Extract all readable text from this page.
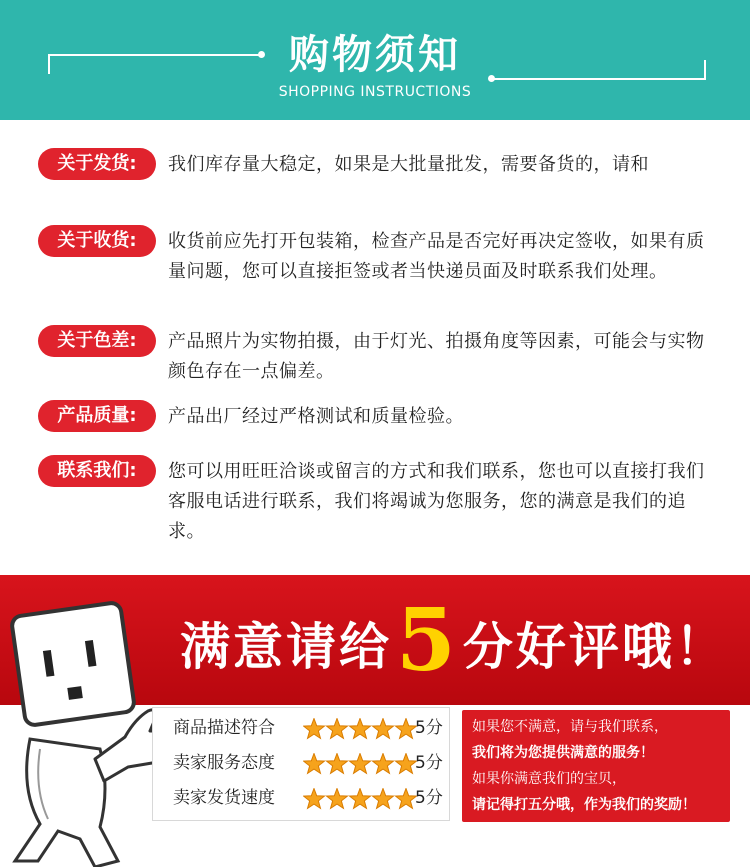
购物须知
SHOPPING INSTRUCTIONS
关于发货:	我们库存量大稳定，如果是大批量批发，需要备货的，请和
关于收货:	收货前应先打开包装箱，检查产品是否完好再决定签收，如果有质量问题，您可以直接拒签或者当快递员面及时联系我们处理。
关于色差:	产品照片为实物拍摄，由于灯光、拍摄角度等因素，可能会与实物颜色存在一点偏差。
产品质量:	产品出厂经过严格测试和质量检验。
联系我们:	您可以用旺旺洽谈或留言的方式和我们联系，您也可以直接打我们客服电话进行联系，我们将竭诚为您服务，您的满意是我们的追求。
满意请给5分好评哦！
商品描述符合	5分
卖家服务态度	5分
卖家发货速度	5分
如果您不满意，请与我们联系，
我们将为您提供满意的服务！
如果你满意我们的宝贝，
请记得打五分哦，作为我们的奖励！
